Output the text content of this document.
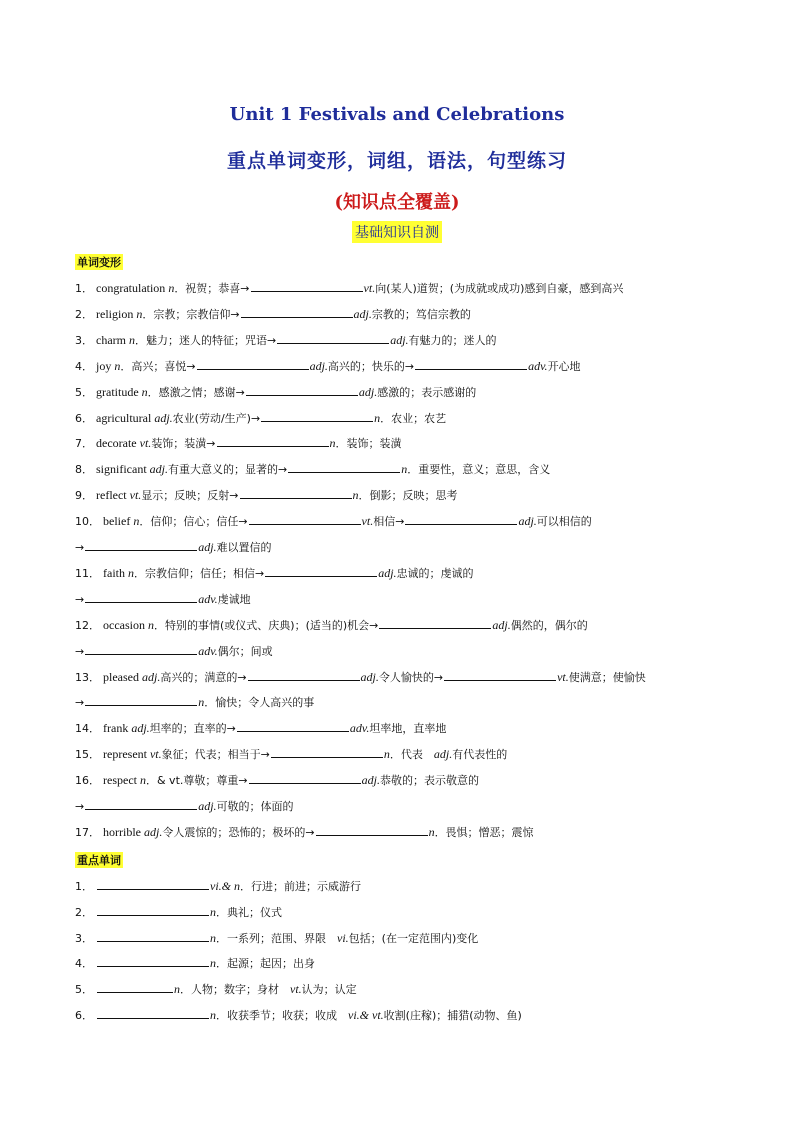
Unit 1 Festivals and Celebrations
重点单词变形，词组，语法，句型练习
(知识点全覆盖)
基础知识自测
单词变形
1． congratulation n．祝贺；恭喜→	vt.向(某人)道贺；(为成就或成功)感到自豪，感到高兴
2． religion n．宗教；宗教信仰→	adj.宗教的；笃信宗教的
3． charm n．魅力；迷人的特征；咒语→	adj.有魅力的；迷人的
4． joy n．高兴；喜悦→	adj.高兴的；快乐的→	adv.开心地
5． gratitude n．感激之情；感谢→	adj.感激的；表示感谢的
6． agricultural adj.农业(劳动/生产)→	n．农业；农艺
7． decorate vt.装饰；装潢→	n．装饰；装潢
8． significant adj.有重大意义的；显著的→	n．重要性，意义；意思，含义
9． reflect vt.显示；反映；反射→	n．倒影；反映；思考
10． belief n．信仰；信心；信任→	vt.相信→	adj.可以相信的
→	adj.难以置信的
11． faith n．宗教信仰；信任；相信→	adj.忠诚的；虔诚的
→	adv.虔诚地
12． occasion n．特别的事情(或仪式、庆典)；(适当的)机会→	adj.偶然的，偶尔的
→	adv.偶尔；间或
13． pleased adj.高兴的；满意的→	adj.令人愉快的→	vt.使满意；使愉快
→	n．愉快；令人高兴的事
14． frank adj.坦率的；直率的→	adv.坦率地，直率地
15． represent vt.象征；代表；相当于→	n．代表　adj.有代表性的
16． respect n．& vt.尊敬；尊重→	adj.恭敬的；表示敬意的
→	adj.可敬的；体面的
17． horrible adj.令人震惊的；恐怖的；极坏的→	n．畏惧；憎恶；震惊
重点单词
1．	vi.& n．行进；前进；示威游行
2．	n．典礼；仪式
3．	n．一系列；范围、界限　vi.包括；(在一定范围内)变化
4．	n．起源；起因；出身
5．	n．人物；数字；身材　vt.认为；认定
6．	n．收获季节；收获；收成　vi.& vt.收割(庄稼)；捕猎(动物、鱼)
